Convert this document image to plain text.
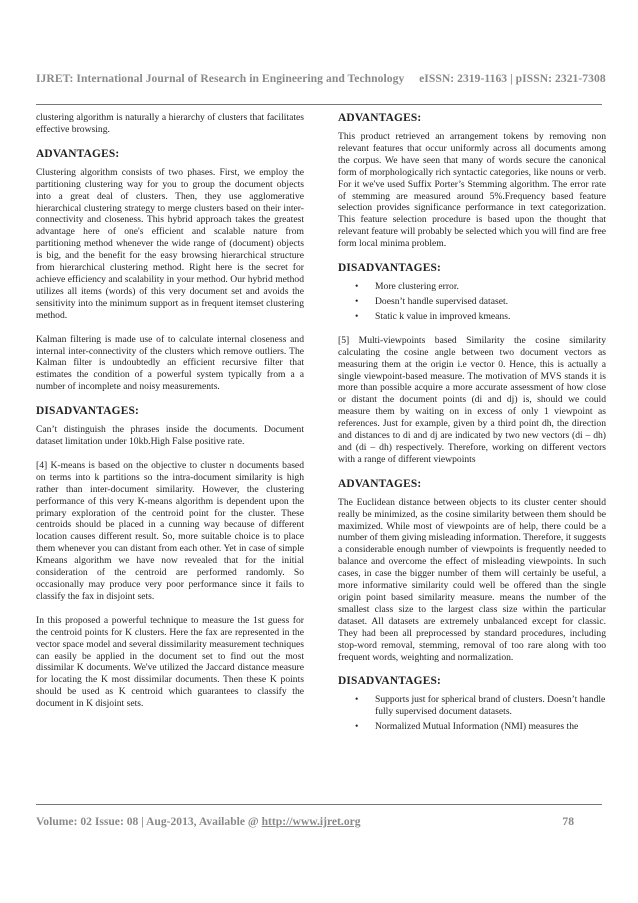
IJRET: International Journal of Research in Engineering and Technology eISSN: 2319-1163 | pISSN: 2321-7308

clustering algorithm is naturally a hierarchy of clusters that facilitates effective browsing.

ADVANTAGES:

Clustering algorithm consists of two phases. First, we employ the partitioning clustering way for you to group the document objects into a great deal of clusters. Then, they use agglomerative hierarchical clustering strategy to merge clusters based on their inter-connectivity and closeness. This hybrid approach takes the greatest advantage here of one's efficient and scalable nature from partitioning method whenever the wide range of (document) objects is big, and the benefit for the easy browsing hierarchical structure from hierarchical clustering method. Right here is the secret for achieve efficiency and scalability in your method. Our hybrid method utilizes all items (words) of this very document set and avoids the sensitivity into the minimum support as in frequent itemset clustering method.

Kalman filtering is made use of to calculate internal closeness and internal inter-connectivity of the clusters which remove outliers. The Kalman filter is undoubtedly an efficient recursive filter that estimates the condition of a powerful system typically from a a number of incomplete and noisy measurements.

DISADVANTAGES:

Can’t distinguish the phrases inside the documents. Document dataset limitation under 10kb.High False positive rate.

[4] K-means is based on the objective to cluster n documents based on terms into k partitions so the intra-document similarity is high rather than inter-document similarity. However, the clustering performance of this very K-means algorithm is dependent upon the primary exploration of the centroid point for the cluster. These centroids should be placed in a cunning way because of different location causes different result. So, more suitable choice is to place them whenever you can distant from each other. Yet in case of simple Kmeans algorithm we have now revealed that for the initial consideration of the centroid are performed randomly. So occasionally may produce very poor performance since it fails to classify the fax in disjoint sets.

In this proposed a powerful technique to measure the 1st guess for the centroid points for K clusters. Here the fax are represented in the vector space model and several dissimilarity measurement techniques can easily be applied in the document set to find out the most dissimilar K documents. We've utilized the Jaccard distance measure for locating the K most dissimilar documents. Then these K points should be used as K centroid which guarantees to classify the document in K disjoint sets.

ADVANTAGES:

This product retrieved an arrangement tokens by removing non relevant features that occur uniformly across all documents among the corpus. We have seen that many of words secure the canonical form of morphologically rich syntactic categories, like nouns or verb. For it we've used Suffix Porter’s Stemming algorithm. The error rate of stemming are measured around 5%.Frequency based feature selection provides significance performance in text categorization. This feature selection procedure is based upon the thought that relevant feature will probably be selected which you will find are free form local minima problem.

DISADVANTAGES:
• More clustering error.
• Doesn’t handle supervised dataset.
• Static k value in improved kmeans.

[5] Multi-viewpoints based Similarity the cosine similarity calculating the cosine angle between two document vectors as measuring them at the origin i.e vector 0. Hence, this is actually a single viewpoint-based measure. The motivation of MVS stands it is more than possible acquire a more accurate assessment of how close or distant the document points (di and dj) is, should we could measure them by waiting on in excess of only 1 viewpoint as references. Just for example, given by a third point dh, the direction and distances to di and dj are indicated by two new vectors (di – dh) and (di – dh) respectively. Therefore, working on different vectors with a range of different viewpoints

ADVANTAGES:

The Euclidean distance between objects to its cluster center should really be minimized, as the cosine similarity between them should be maximized. While most of viewpoints are of help, there could be a number of them giving misleading information. Therefore, it suggests a considerable enough number of viewpoints is frequently needed to balance and overcome the effect of misleading viewpoints. In such cases, in case the bigger number of them will certainly be useful, a more informative similarity could well be offered than the single origin point based similarity measure. means the number of the smallest class size to the largest class size within the particular dataset. All datasets are extremely unbalanced except for classic. They had been all preprocessed by standard procedures, including stop-word removal, stemming, removal of too rare along with too frequent words, weighting and normalization.

DISADVANTAGES:
• Supports just for spherical brand of clusters. Doesn’t handle fully supervised document datasets.
• Normalized Mutual Information (NMI) measures the
Volume: 02 Issue: 08 | Aug-2013, Available @ http://www.ijret.org	78
